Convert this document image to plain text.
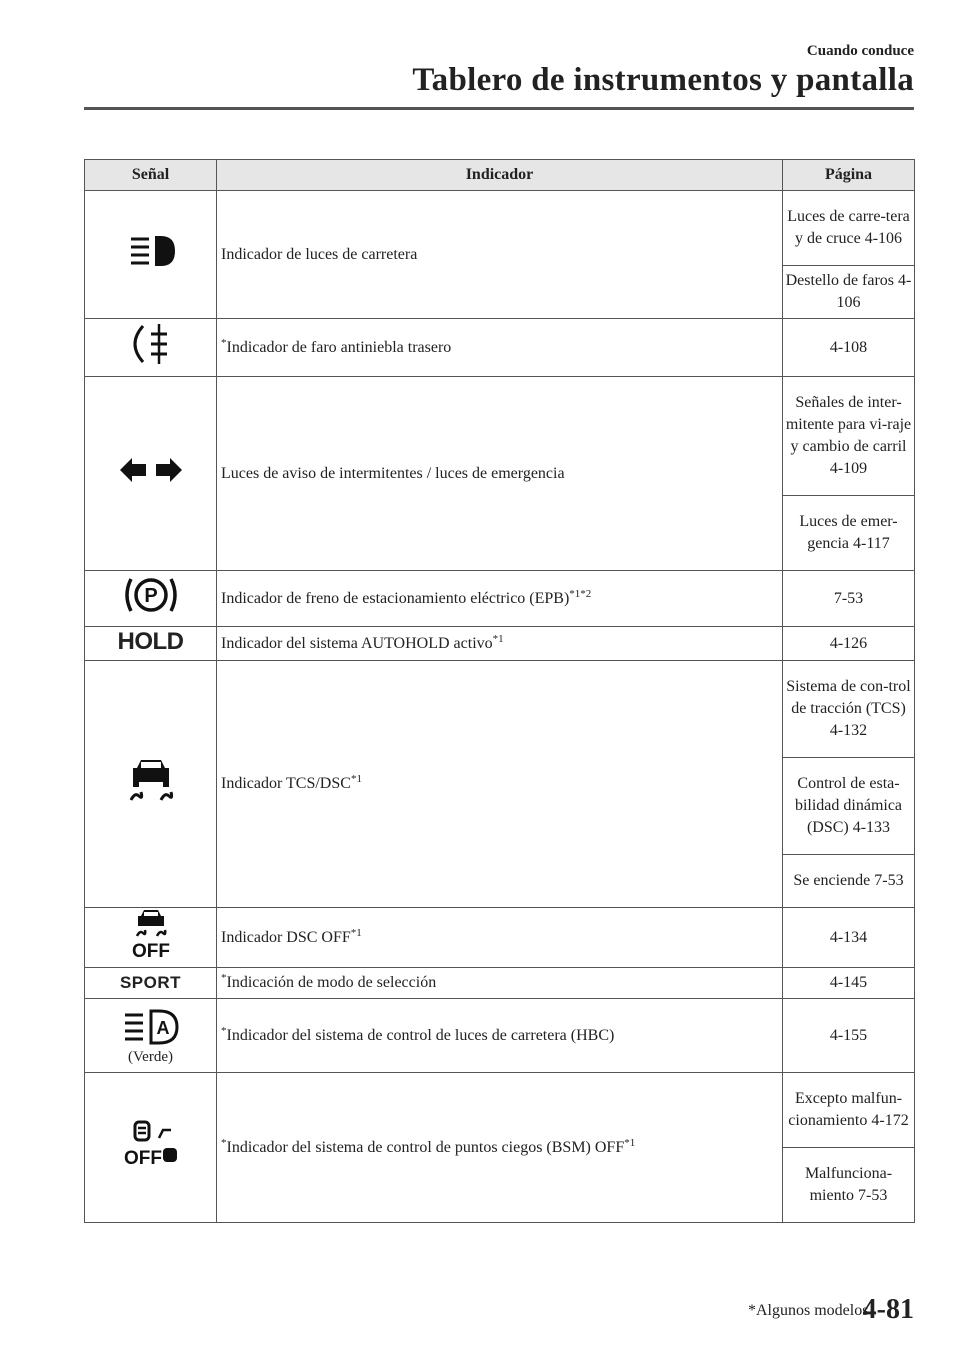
Cuando conduce
Tablero de instrumentos y pantalla
Señal	Indicador	Página
	Indicador de luces de carretera	Luces de carre-tera y de cruce 4-106
		Destello de faros 4-106
	*Indicador de faro antiniebla trasero	4-108
	Luces de aviso de intermitentes / luces de emergencia	Señales de inter-mitente para vi-raje y cambio de carril 4-109
		Luces de emer-gencia 4-117

P	Indicador de freno de estacionamiento eléctrico (EPB)$^{*1*2}$	7-53
HOLD	Indicador del sistema AUTOHOLD activo$^{*1}$	4-126
	Indicador TCS/DSC$^{*1}$	Sistema de con-trol de tracción (TCS) 4-132
		Control de esta-bilidad dinámica (DSC) 4-133
		Se enciende 7-53

OFF	Indicador DSC OFF$^{*1}$	4-134
SPORT	*Indicación de modo de selección	4-145

A
(Verde)	*Indicador del sistema de control de luces de carretera (HBC)	4-155

OFF	*Indicador del sistema de control de puntos ciegos (BSM) OFF$^{*1}$	Excepto malfun-cionamiento 4-172
		Malfunciona-miento 7-53
*Algunos modelos
4-81
